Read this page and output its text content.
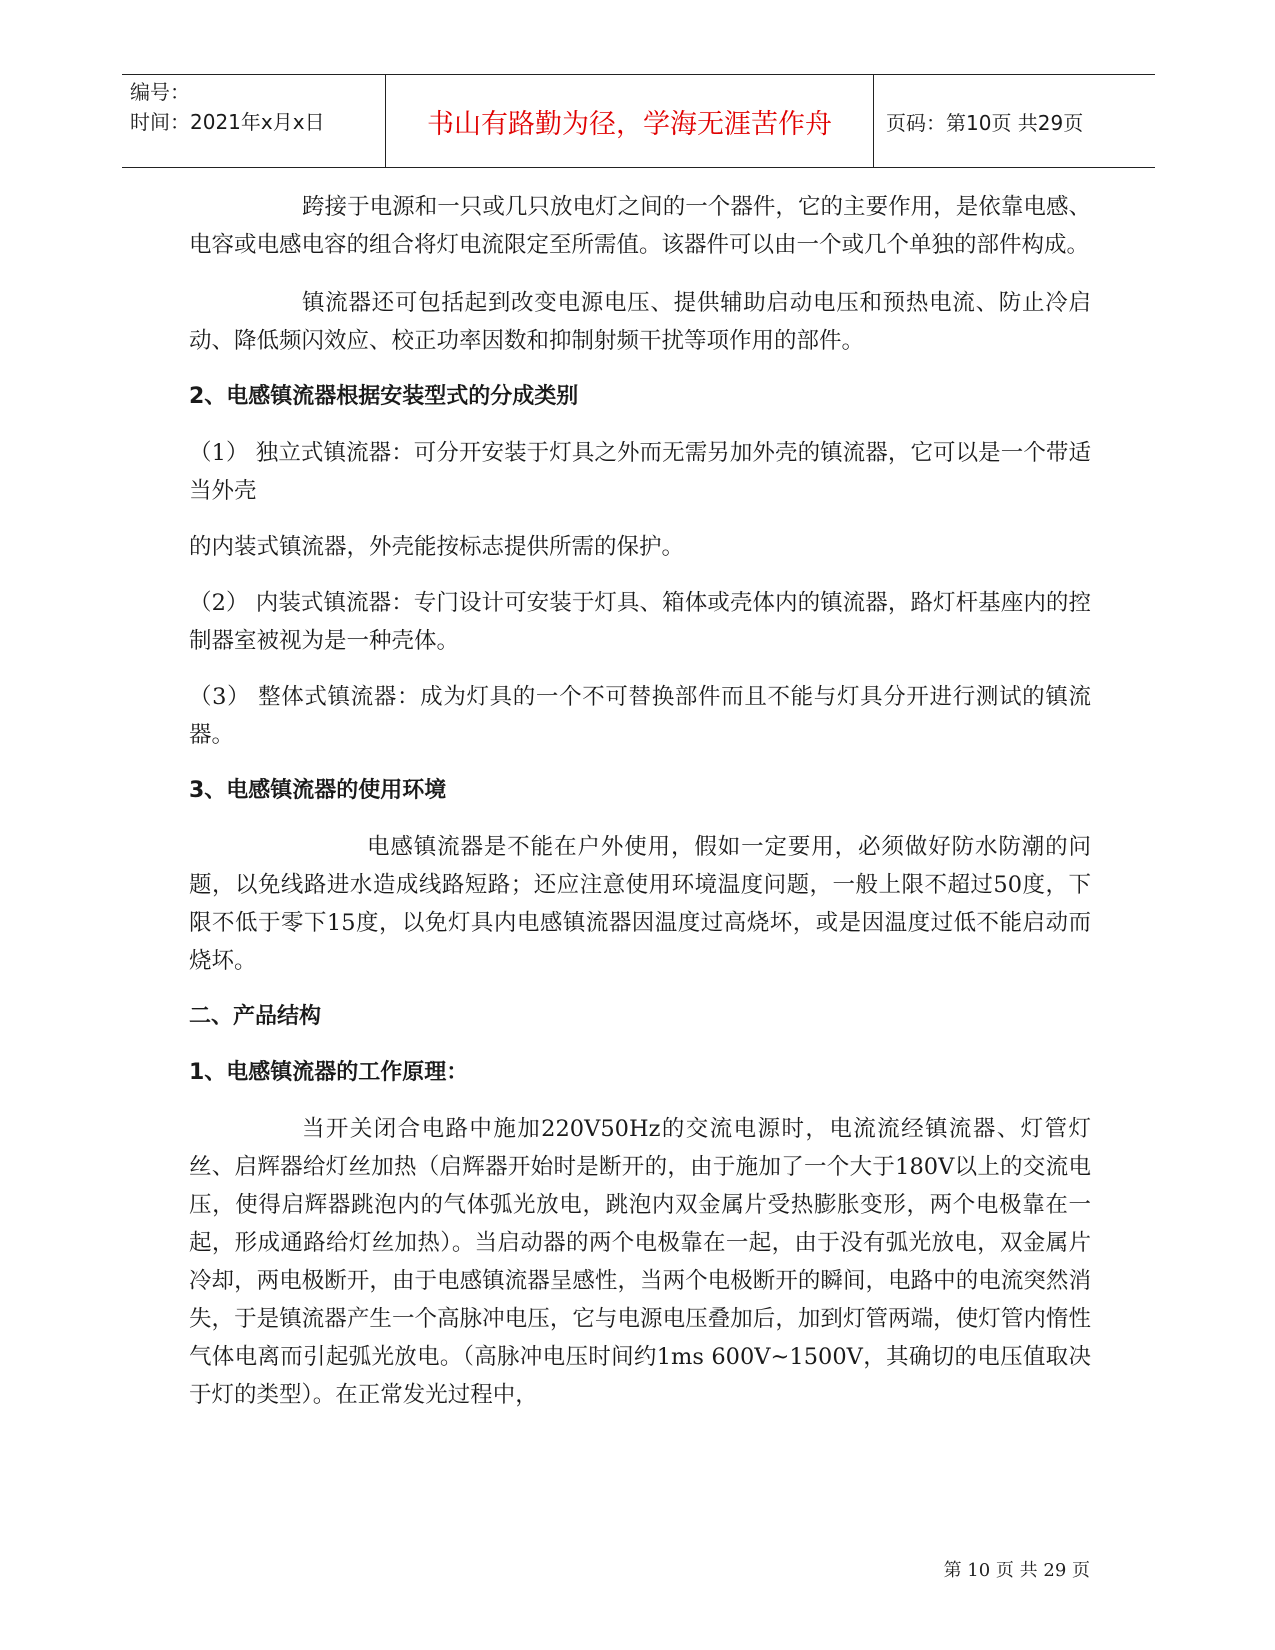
编号：
时间：2021年x月x日	书山有路勤为径，学海无涯苦作舟	页码：第10页 共29页

跨接于电源和一只或几只放电灯之间的一个器件，它的主要作用，是依靠电感、电容或电感电容的组合将灯电流限定至所需值。该器件可以由一个或几个单独的部件构成。

镇流器还可包括起到改变电源电压、提供辅助启动电压和预热电流、防止冷启动、降低频闪效应、校正功率因数和抑制射频干扰等项作用的部件。

2、电感镇流器根据安装型式的分成类别

（1） 独立式镇流器：可分开安装于灯具之外而无需另加外壳的镇流器，它可以是一个带适当外壳

的内装式镇流器，外壳能按标志提供所需的保护。

（2） 内装式镇流器：专门设计可安装于灯具、箱体或壳体内的镇流器，路灯杆基座内的控制器室被视为是一种壳体。

（3） 整体式镇流器：成为灯具的一个不可替换部件而且不能与灯具分开进行测试的镇流器。

3、电感镇流器的使用环境

电感镇流器是不能在户外使用，假如一定要用，必须做好防水防潮的问题，以免线路进水造成线路短路；还应注意使用环境温度问题，一般上限不超过50度，下限不低于零下15度，以免灯具内电感镇流器因温度过高烧坏，或是因温度过低不能启动而烧坏。

二、产品结构

1、电感镇流器的工作原理：

当开关闭合电路中施加220V50Hz的交流电源时，电流流经镇流器、灯管灯丝、启辉器给灯丝加热（启辉器开始时是断开的，由于施加了一个大于180V以上的交流电压，使得启辉器跳泡内的气体弧光放电，跳泡内双金属片受热膨胀变形，两个电极靠在一起，形成通路给灯丝加热）。当启动器的两个电极靠在一起，由于没有弧光放电，双金属片冷却，两电极断开，由于电感镇流器呈感性，当两个电极断开的瞬间，电路中的电流突然消失，于是镇流器产生一个高脉冲电压，它与电源电压叠加后，加到灯管两端，使灯管内惰性气体电离而引起弧光放电。（高脉冲电压时间约1ms 600V~1500V，其确切的电压值取决于灯的类型）。在正常发光过程中，

第 10 页 共 29 页
